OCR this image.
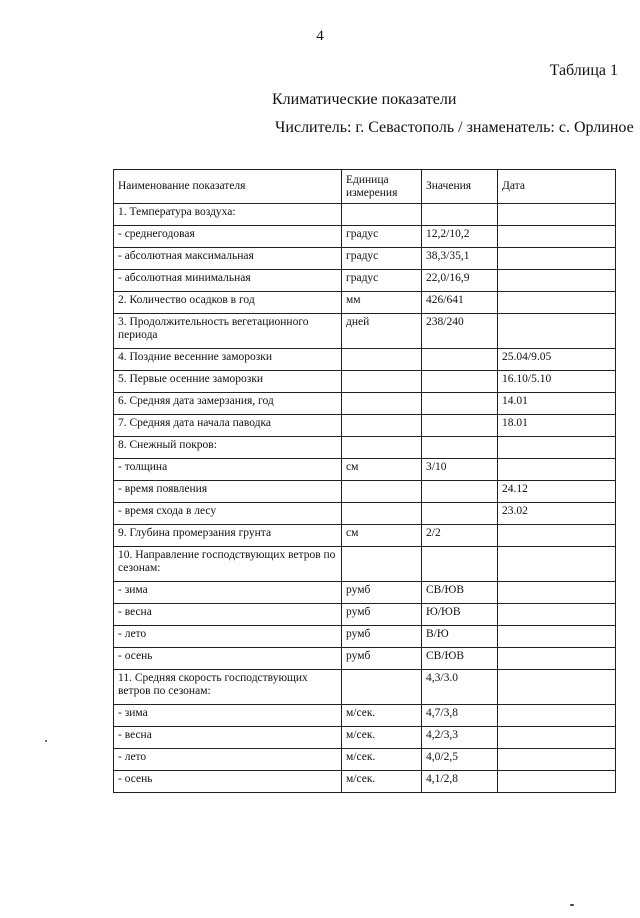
4
Таблица 1
Климатические показатели
Числитель: г. Севастополь / знаменатель: с. Орлиное
Наименование показателя	Единица измерения	Значения	Дата
1. Температура воздуха:			
- среднегодовая	градус	12,2/10,2	
- абсолютная максимальная	градус	38,3/35,1	
- абсолютная минимальная	градус	22,0/16,9	
2. Количество осадков в год	мм	426/641	
3. Продолжительность вегетационного периода	дней	238/240	
4. Поздние весенние заморозки			25.04/9.05
5. Первые осенние заморозки			16.10/5.10
6. Средняя дата замерзания, год			14.01
7. Средняя дата начала паводка			18.01
8. Снежный покров:			
- толщина	см	3/10	
- время появления			24.12
- время схода в лесу			23.02
9. Глубина промерзания грунта	см	2/2	
10. Направление господствующих ветров по сезонам:			
- зима	румб	СВ/ЮВ	
- весна	румб	Ю/ЮВ	
- лето	румб	В/Ю	
- осень	румб	СВ/ЮВ	
11. Средняя скорость господствующих ветров по сезонам:		4,3/3.0	
- зима	м/сек.	4,7/3,8	
- весна	м/сек.	4,2/3,3	
- лето	м/сек.	4,0/2,5	
- осень	м/сек.	4,1/2,8	
